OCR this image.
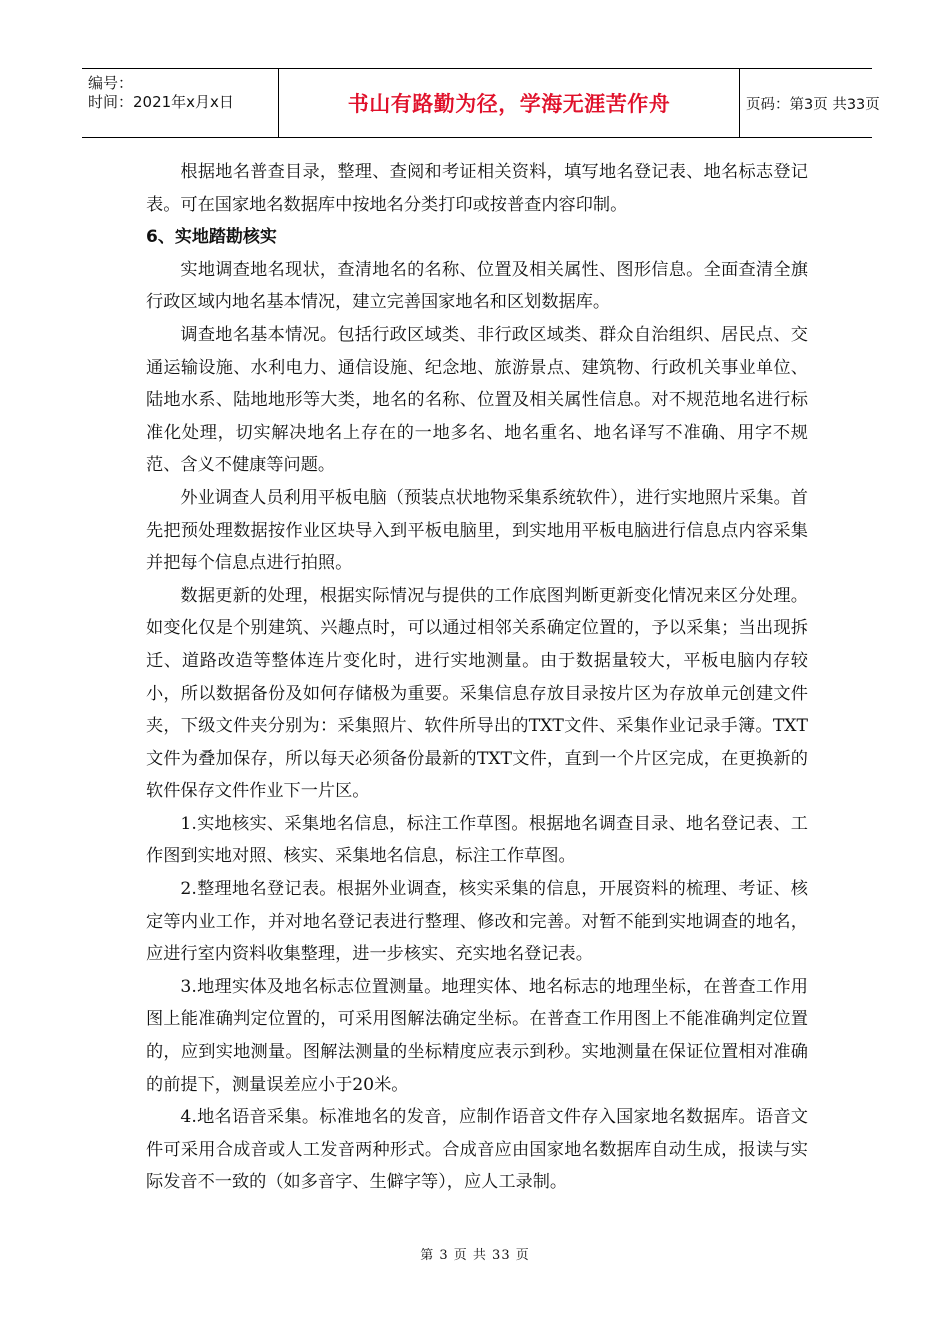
编号：
时间：2021年x月x日	书山有路勤为径，学海无涯苦作舟	页码：第3页 共33页

根据地名普查目录，整理、查阅和考证相关资料，填写地名登记表、地名标志登记表。可在国家地名数据库中按地名分类打印或按普查内容印制。

6、实地踏勘核实

实地调查地名现状，查清地名的名称、位置及相关属性、图形信息。全面查清全旗行政区域内地名基本情况，建立完善国家地名和区划数据库。

调查地名基本情况。包括行政区域类、非行政区域类、群众自治组织、居民点、交通运输设施、水利电力、通信设施、纪念地、旅游景点、建筑物、行政机关事业单位、陆地水系、陆地地形等大类，地名的名称、位置及相关属性信息。对不规范地名进行标准化处理，切实解决地名上存在的一地多名、地名重名、地名译写不准确、用字不规范、含义不健康等问题。

外业调查人员利用平板电脑（预装点状地物采集系统软件），进行实地照片采集。首先把预处理数据按作业区块导入到平板电脑里，到实地用平板电脑进行信息点内容采集并把每个信息点进行拍照。

数据更新的处理，根据实际情况与提供的工作底图判断更新变化情况来区分处理。如变化仅是个别建筑、兴趣点时，可以通过相邻关系确定位置的，予以采集；当出现拆迁、道路改造等整体连片变化时，进行实地测量。由于数据量较大，平板电脑内存较小，所以数据备份及如何存储极为重要。采集信息存放目录按片区为存放单元创建文件夹，下级文件夹分别为：采集照片、软件所导出的TXT文件、采集作业记录手簿。TXT文件为叠加保存，所以每天必须备份最新的TXT文件，直到一个片区完成，在更换新的软件保存文件作业下一片区。

1.实地核实、采集地名信息，标注工作草图。根据地名调查目录、地名登记表、工作图到实地对照、核实、采集地名信息，标注工作草图。

2.整理地名登记表。根据外业调查，核实采集的信息，开展资料的梳理、考证、核定等内业工作，并对地名登记表进行整理、修改和完善。对暂不能到实地调查的地名，应进行室内资料收集整理，进一步核实、充实地名登记表。

3.地理实体及地名标志位置测量。地理实体、地名标志的地理坐标，在普查工作用图上能准确判定位置的，可采用图解法确定坐标。在普查工作用图上不能准确判定位置的，应到实地测量。图解法测量的坐标精度应表示到秒。实地测量在保证位置相对准确的前提下，测量误差应小于20米。

4.地名语音采集。标准地名的发音，应制作语音文件存入国家地名数据库。语音文件可采用合成音或人工发音两种形式。合成音应由国家地名数据库自动生成，报读与实际发音不一致的（如多音字、生僻字等），应人工录制。

第 3 页 共 33 页
